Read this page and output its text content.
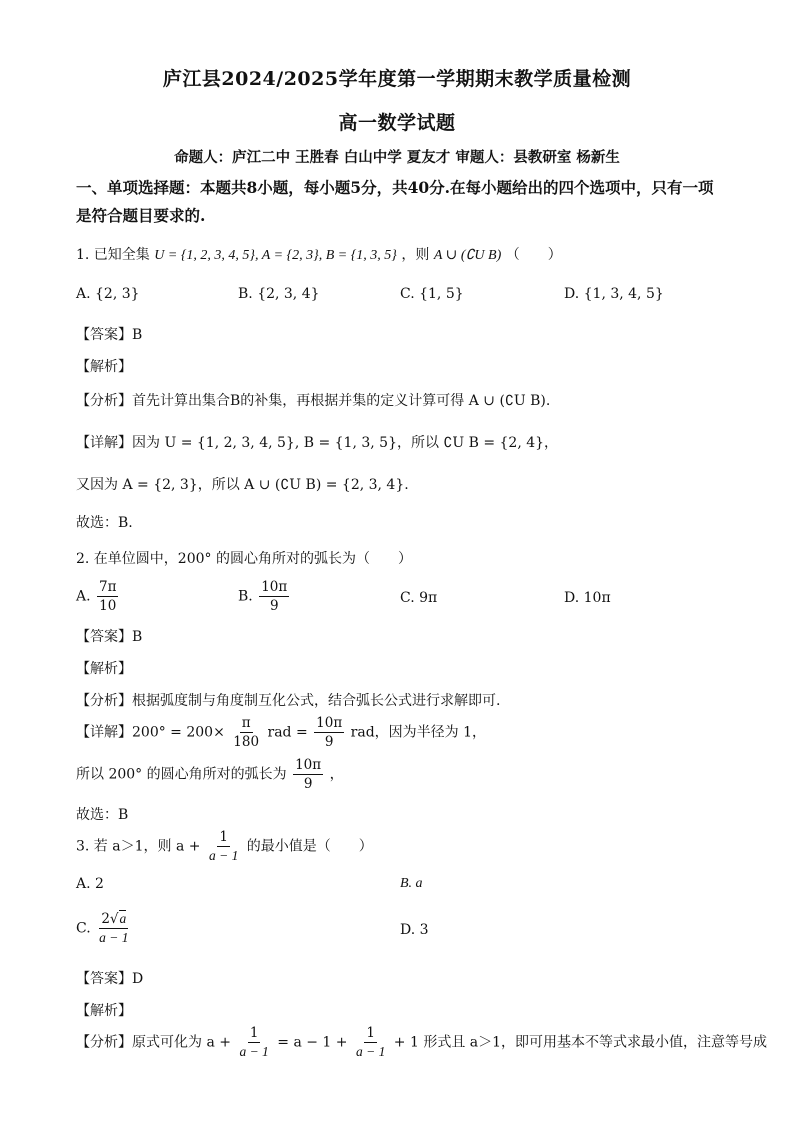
庐江县2024/2025学年度第一学期期末教学质量检测
高一数学试题
命题人：庐江二中 王胜春 白山中学 夏友才 审题人：县教研室 杨新生
一、单项选择题：本题共8小题，每小题5分，共40分.在每小题给出的四个选项中，只有一项是符合题目要求的.
1. 已知全集 U = {1, 2, 3, 4, 5}, A = {2, 3}, B = {1, 3, 5} ，则 A ∪ (∁U B) （　　）
A. {2, 3}	B. {2, 3, 4}	C. {1, 5}	D. {1, 3, 4, 5}
【答案】B
【解析】
【分析】首先计算出集合B的补集，再根据并集的定义计算可得 A ∪ (∁U B).
【详解】因为 U = {1, 2, 3, 4, 5}, B = {1, 3, 5}，所以 ∁U B = {2, 4}，
又因为 A = {2, 3}，所以 A ∪ (∁U B) = {2, 3, 4}.
故选：B.
2. 在单位圆中，200° 的圆心角所对的弧长为（　　）
A. $\frac{7\pi}{10}$	B. $\frac{10\pi}{9}$	C. 9π	D. 10π
【答案】B
【解析】
【分析】根据弧度制与角度制互化公式，结合弧长公式进行求解即可.
【详解】$200^\circ = 200\times \frac{\pi}{180}$ rad = $\frac{10\pi}{9}$ rad，因为半径为 1，
所以 200° 的圆心角所对的弧长为 $\frac{10\pi}{9}$ ，
故选：B
3. 若 a＞1，则 $a + \frac{1}{a - 1}$ 的最小值是（　　）
A. 2	B. a
C. $\frac{2√a}{a - 1}$	D. 3
【答案】D
【解析】
【分析】原式可化为 $a + \frac{1}{a - 1} = a - 1 + \frac{1}{a - 1} + 1$ 形式且 a＞1，即可用基本不等式求最小值，注意等号成
